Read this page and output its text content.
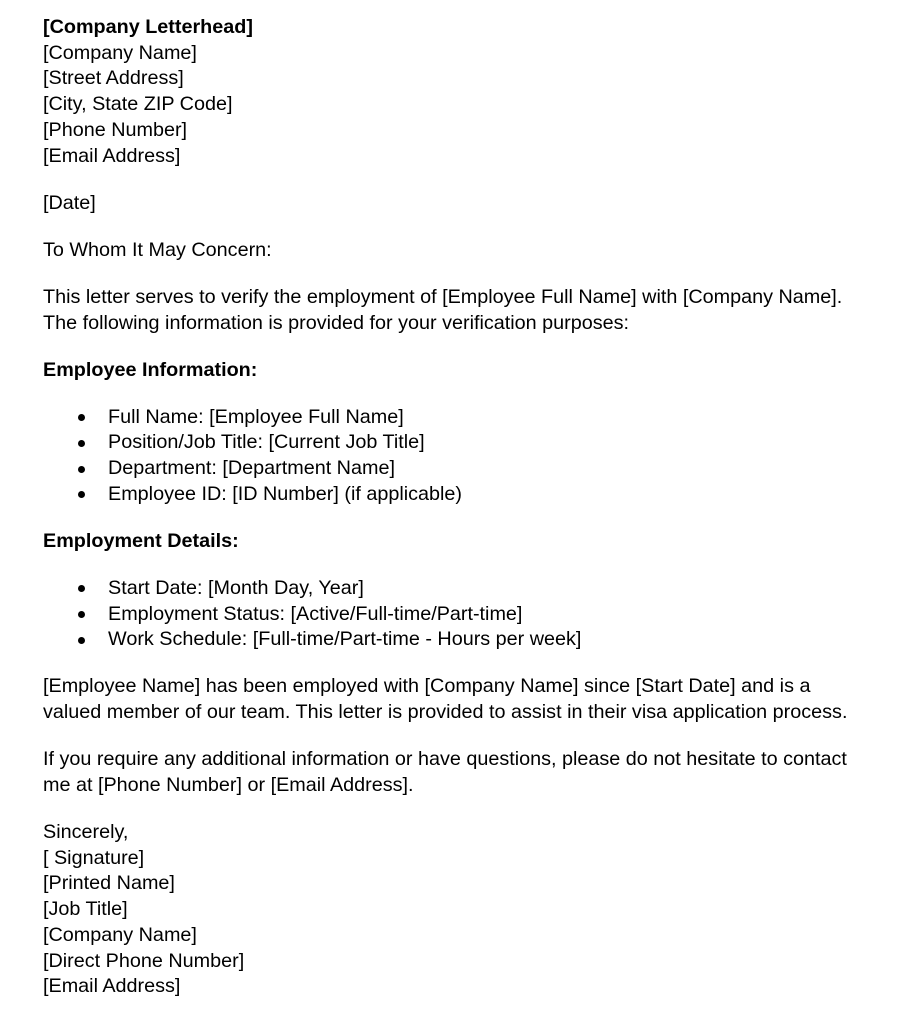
[Company Letterhead]
[Company Name]
[Street Address]
[City, State ZIP Code]
[Phone Number]
[Email Address]
[Date]
To Whom It May Concern:
This letter serves to verify the employment of [Employee Full Name] with [Company Name]. The following information is provided for your verification purposes:
Employee Information:
Full Name: [Employee Full Name]
Position/Job Title: [Current Job Title]
Department: [Department Name]
Employee ID: [ID Number] (if applicable)
Employment Details:
Start Date: [Month Day, Year]
Employment Status: [Active/Full-time/Part-time]
Work Schedule: [Full-time/Part-time - Hours per week]
[Employee Name] has been employed with [Company Name] since [Start Date] and is a valued member of our team. This letter is provided to assist in their visa application process.
If you require any additional information or have questions, please do not hesitate to contact me at [Phone Number] or [Email Address].
Sincerely,
[ Signature]
[Printed Name]
[Job Title]
[Company Name]
[Direct Phone Number]
[Email Address]
